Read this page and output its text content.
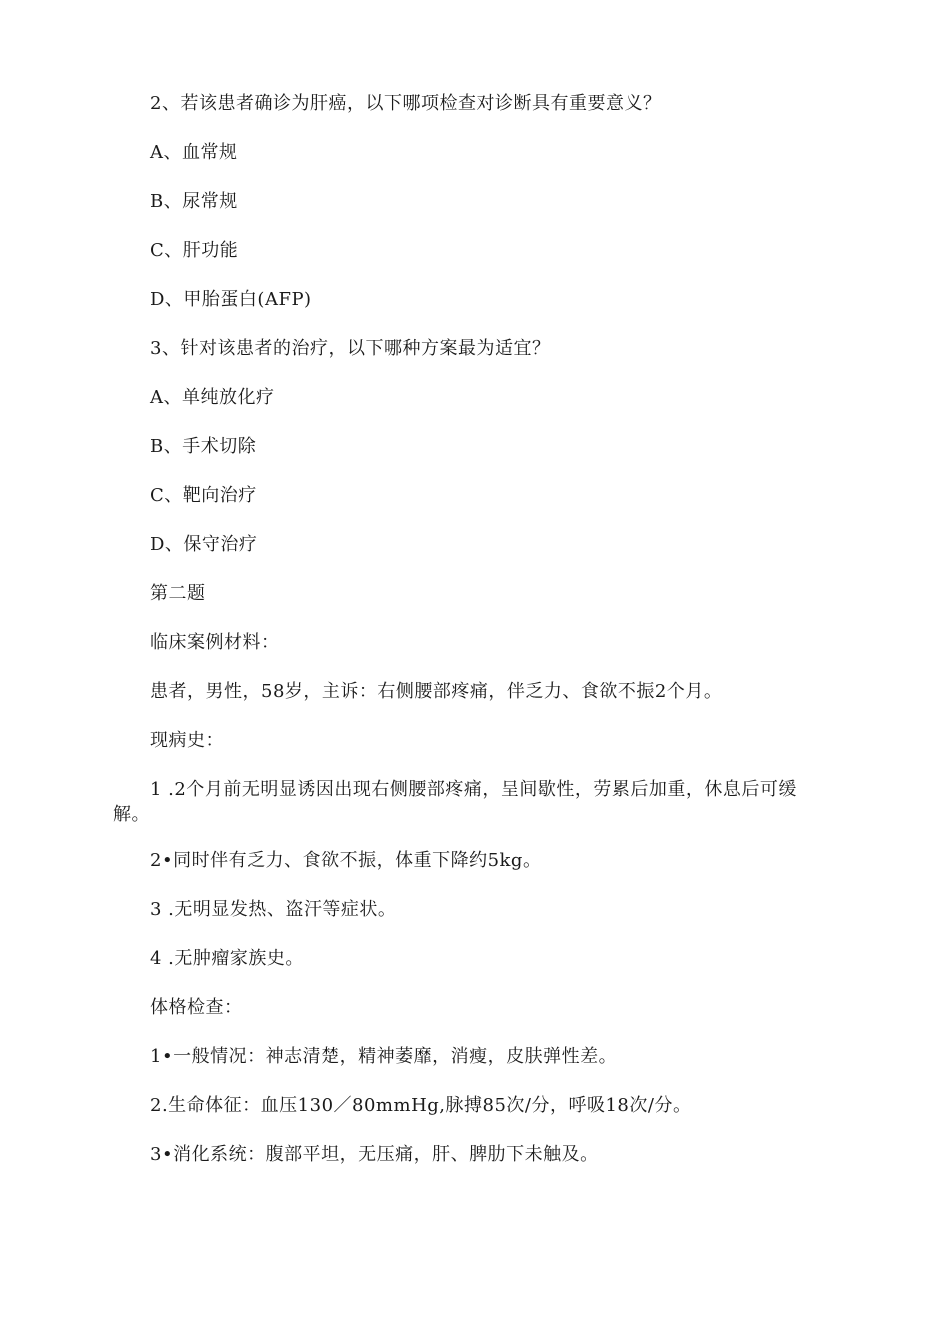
2、若该患者确诊为肝癌，以下哪项检查对诊断具有重要意义？
A、血常规
B、尿常规
C、肝功能
D、甲胎蛋白(AFP)
3、针对该患者的治疗，以下哪种方案最为适宜？
A、单纯放化疗
B、手术切除
C、靶向治疗
D、保守治疗
第二题
临床案例材料：
患者，男性，58岁，主诉：右侧腰部疼痛，伴乏力、食欲不振2个月。
现病史：
1 .2个月前无明显诱因出现右侧腰部疼痛，呈间歇性，劳累后加重，休息后可缓
解。
2•同时伴有乏力、食欲不振，体重下降约5kg。
3 .无明显发热、盗汗等症状。
4 .无肿瘤家族史。
体格检查：
1•一般情况：神志清楚，精神萎靡，消瘦，皮肤弹性差。
2.生命体征：血压130／80mmHg,脉搏85次/分，呼吸18次/分。
3•消化系统：腹部平坦，无压痛，肝、脾肋下未触及。
